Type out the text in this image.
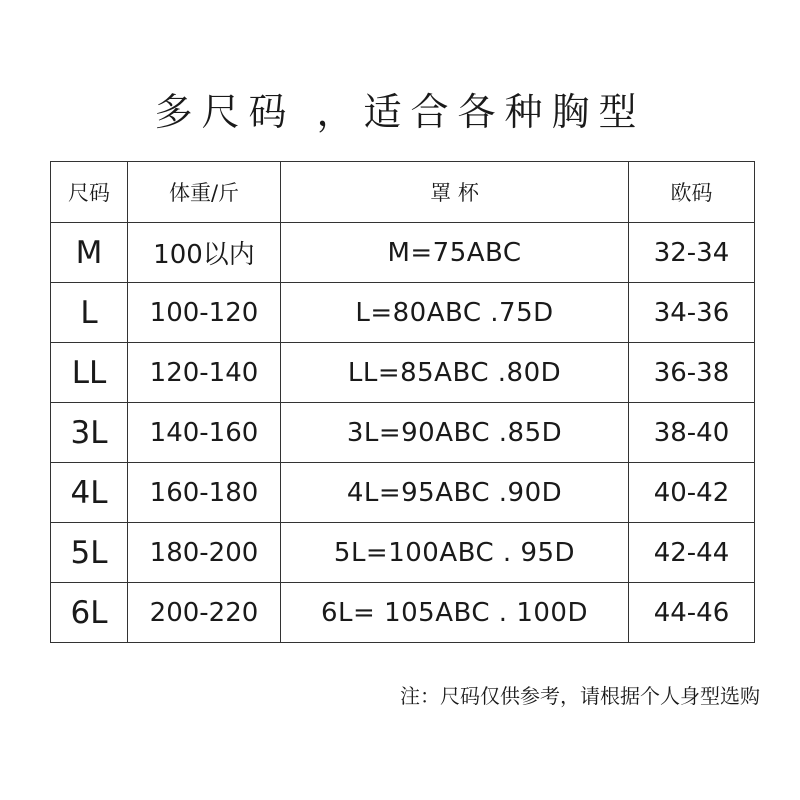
多尺码 ，适合各种胸型
尺码	体重/斤	罩 杯	欧码
M	100以内	M=75ABC	32-34
L	100-120	L=80ABC .75D	34-36
LL	120-140	LL=85ABC .80D	36-38
3L	140-160	3L=90ABC .85D	38-40
4L	160-180	4L=95ABC .90D	40-42
5L	180-200	5L=100ABC . 95D	42-44
6L	200-220	6L= 105ABC . 100D	44-46
注：尺码仅供参考，请根据个人身型选购
